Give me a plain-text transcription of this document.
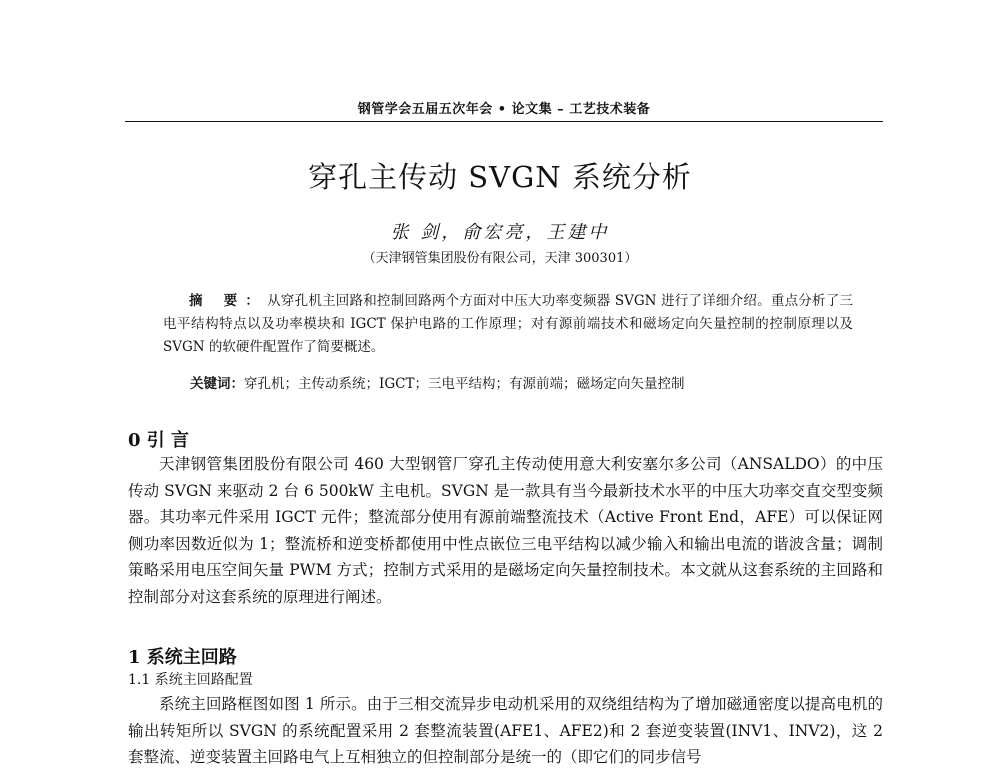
钢管学会五届五次年会 • 论文集 – 工艺技术装备
穿孔主传动 SVGN 系统分析
张 剑，俞宏亮，王建中
（天津钢管集团股份有限公司，天津 300301）
摘 要：从穿孔机主回路和控制回路两个方面对中压大功率变频器 SVGN 进行了详细介绍。重点分析了三电平结构特点以及功率模块和 IGCT 保护电路的工作原理；对有源前端技术和磁场定向矢量控制的控制原理以及 SVGN 的软硬件配置作了简要概述。
关键词：穿孔机；主传动系统；IGCT；三电平结构；有源前端；磁场定向矢量控制
0 引 言
天津钢管集团股份有限公司 460 大型钢管厂穿孔主传动使用意大利安塞尔多公司（ANSALDO）的中压传动 SVGN 来驱动 2 台 6 500kW 主电机。SVGN 是一款具有当今最新技术水平的中压大功率交直交型变频器。其功率元件采用 IGCT 元件；整流部分使用有源前端整流技术（Active Front End，AFE）可以保证网侧功率因数近似为 1；整流桥和逆变桥都使用中性点嵌位三电平结构以减少输入和输出电流的谐波含量；调制策略采用电压空间矢量 PWM 方式；控制方式采用的是磁场定向矢量控制技术。本文就从这套系统的主回路和控制部分对这套系统的原理进行阐述。
1 系统主回路
1.1 系统主回路配置
系统主回路框图如图 1 所示。由于三相交流异步电动机采用的双绕组结构为了增加磁通密度以提高电机的输出转矩所以 SVGN 的系统配置采用 2 套整流装置(AFE1、AFE2)和 2 套逆变装置(INV1、INV2)，这 2 套整流、逆变装置主回路电气上互相独立的但控制部分是统一的（即它们的同步信号
